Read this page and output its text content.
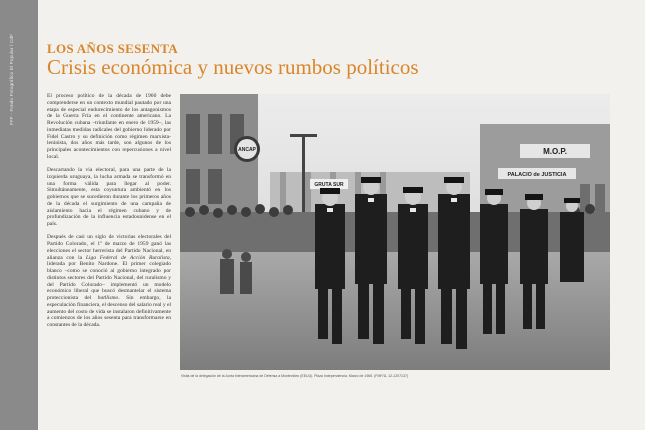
FFF - Fondo Fotográfico El Popular / CdF	LOS AÑOS SESENTA
Crisis económica y nuevos rumbos políticos

El proceso político de la década de 1960 debe comprenderse en un contexto mundial pautado por una etapa de especial endurecimiento de los antagonismos de la Guerra Fría en el continente americano. La Revolución cubana –triunfante en enero de 1959–, las inmediatas medidas radicales del gobierno liderado por Fidel Castro y su definición como régimen marxista-leninista, dos años más tarde, son algunos de los principales acontecimientos con repercusiones a nivel local.

Descartando la vía electoral, para una parte de la izquierda uruguaya, la lucha armada se transformó en una forma válida para llegar al poder. Simultáneamente, esta coyuntura ambientó en los gobiernos que se sucedieron durante los primeros años de la década el surgimiento de una campaña de aislamiento hacia el régimen cubano y de profundización de la influencia estadounidense en el país.

Después de casi un siglo de victorias electorales del Partido Colorado, el 1º de marzo de 1959 ganó las elecciones el sector herrerista del Partido Nacional, en alianza con la Liga Federal de Acción Ruralista, liderada por Benito Nardone. El primer colegiado blanco –como se conoció al gobierno integrado por distintos sectores del Partido Nacional, del ruralismo y del Partido Colorado– implementó un modelo económico liberal que buscó desmantelar el sistema proteccionista del batllismo. Sin embargo, la especulación financiera, el descenso del salario real y el aumento del costo de vida se instalaron definitivamente a comienzos de los años sesenta para transformarse en constantes de la década.

ANCAP	M.O.P.
PALACIO de JUSTICIA
GRUTA SUR
Visita de la delegación de la Junta Interamericana de Defensa a Montevideo (EEUU). Plaza Independencia. Marzo de 1965. (FMF/1L 12-1207137)
